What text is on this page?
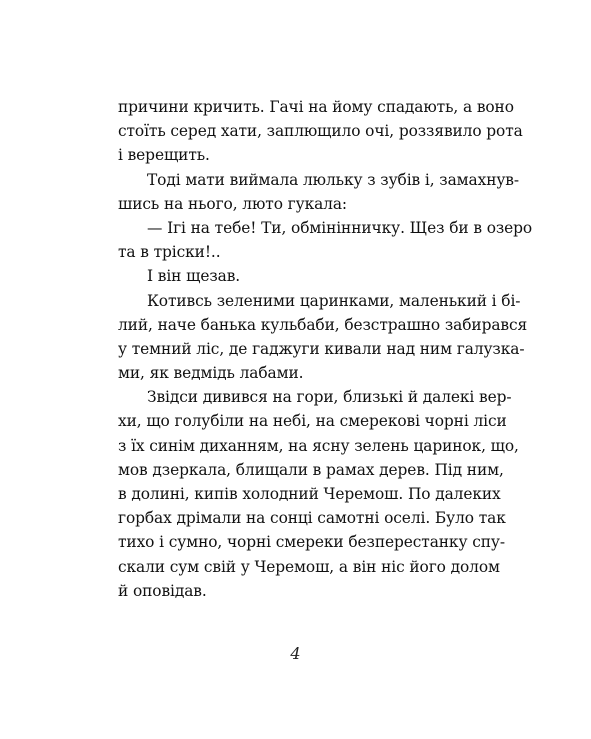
причини кричить. Гачі на йому спадають, а воно
стоїть серед хати, заплющило очі, роззявило рота
і верещить.
Тоді мати виймала люльку з зубів і, замахнув-
шись на нього, люто гукала:
— Ігі на тебе! Ти, обмінінничку. Щез би в озеро
та в тріски!..
І він щезав.
Котивсь зеленими царинками, маленький і бі-
лий, наче банька кульбаби, безстрашно забирався
у темний ліс, де гаджуги кивали над ним галузка-
ми, як ведмідь лабами.
Звідси дивився на гори, близькі й далекі вер-
хи, що голубіли на небі, на смерекові чорні ліси
з їх синім диханням, на ясну зелень царинок, що,
мов дзеркала, блищали в рамах дерев. Під ним,
в долині, кипів холодний Черемош. По далеких
горбах дрімали на сонці самотні оселі. Було так
тихо і сумно, чорні смереки безперестанку спу-
скали сум свій у Черемош, а він ніс його долом
й оповідав.
4
